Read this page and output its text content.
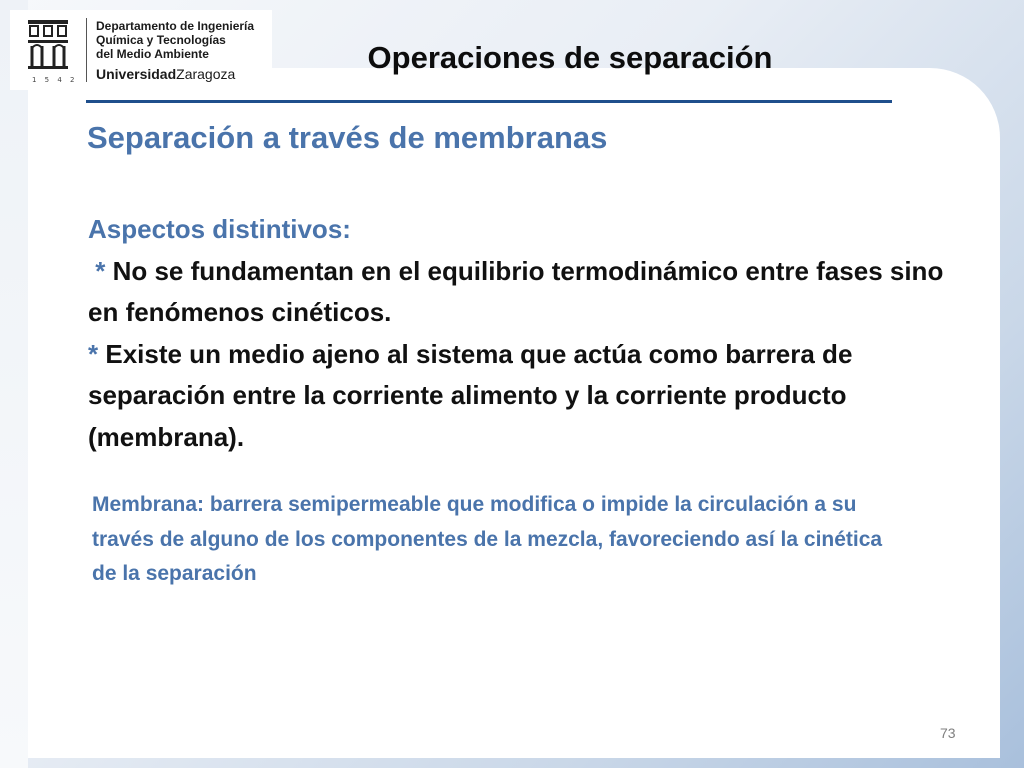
1 5 4 2
Departamento de Ingeniería
Química y Tecnologías
del Medio Ambiente
UniversidadZaragoza	Operaciones de separación
Separación a través de membranas

Aspectos distintivos:

* No se fundamentan en el equilibrio termodinámico entre fases sino en fenómenos cinéticos.

* Existe un medio ajeno al sistema que actúa como barrera de separación entre la corriente alimento y la corriente producto (membrana).

Membrana: barrera semipermeable que modifica o impide la circulación a su través de alguno de los componentes de la mezcla, favoreciendo así la cinética de la separación
73
